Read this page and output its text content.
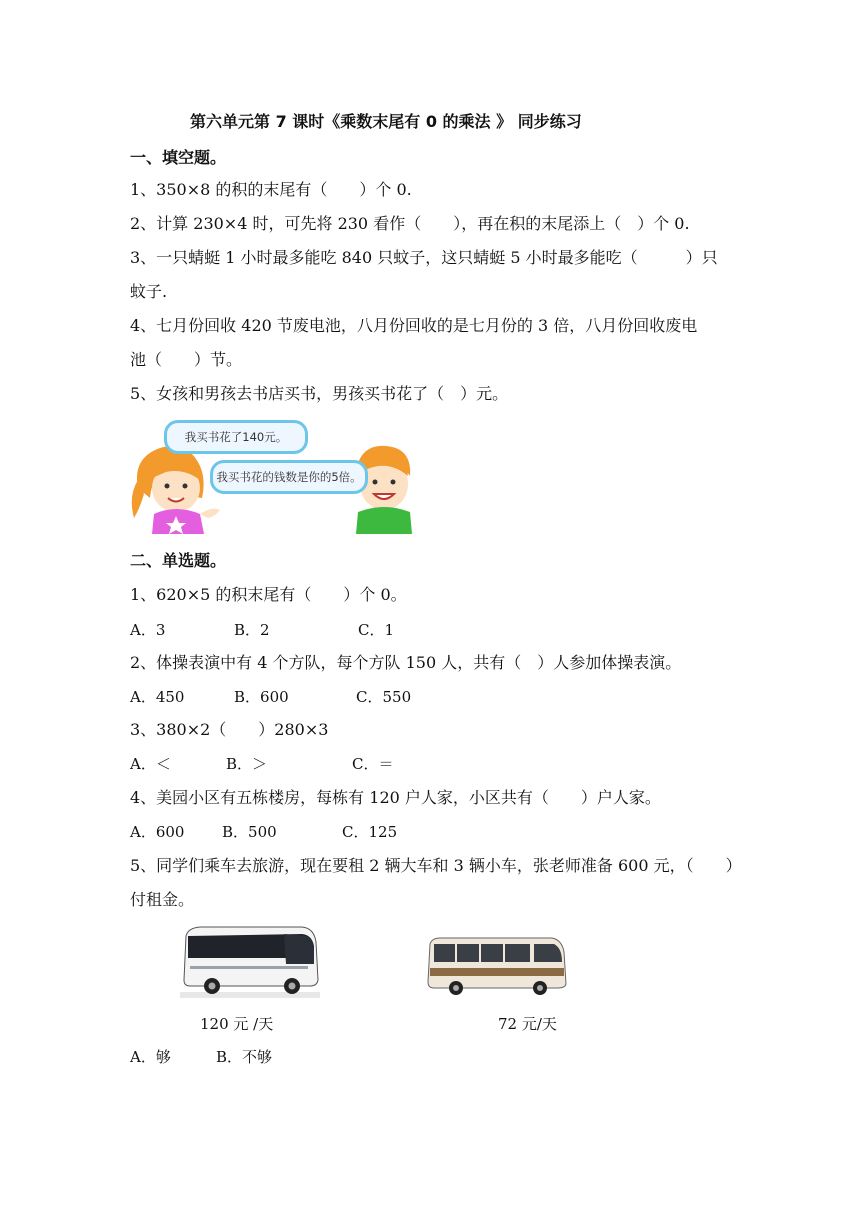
第六单元第 7 课时《乘数末尾有 0 的乘法 》 同步练习
一、填空题。
1、350×8 的积的末尾有（　　）个 0.
2、计算 230×4 时，可先将 230 看作（　　），再在积的末尾添上（　）个 0.
3、一只蜻蜓 1 小时最多能吃 840 只蚊子，这只蜻蜓 5 小时最多能吃（　　　）只
蚊子.
4、七月份回收 420 节废电池，八月份回收的是七月份的 3 倍，八月份回收废电
池（　　）节。
5、女孩和男孩去书店买书，男孩买书花了（　）元。
我买书花了140元。
我买书花的钱数是你的5倍。
二、单选题。
1、620×5 的积末尾有（　　）个 0。
A．3	B．2	C．1
2、体操表演中有 4 个方队，每个方队 150 人，共有（　）人参加体操表演。
A．450	B．600	C．550
3、380×2（　　）280×3
A．＜	B．＞	C．＝
4、美园小区有五栋楼房，每栋有 120 户人家，小区共有（　　）户人家。
A．600	B．500	C．125
5、同学们乘车去旅游，现在要租 2 辆大车和 3 辆小车，张老师准备 600 元，（　　）
付租金。
120 元 /天	72 元/天
A．够	B．不够
